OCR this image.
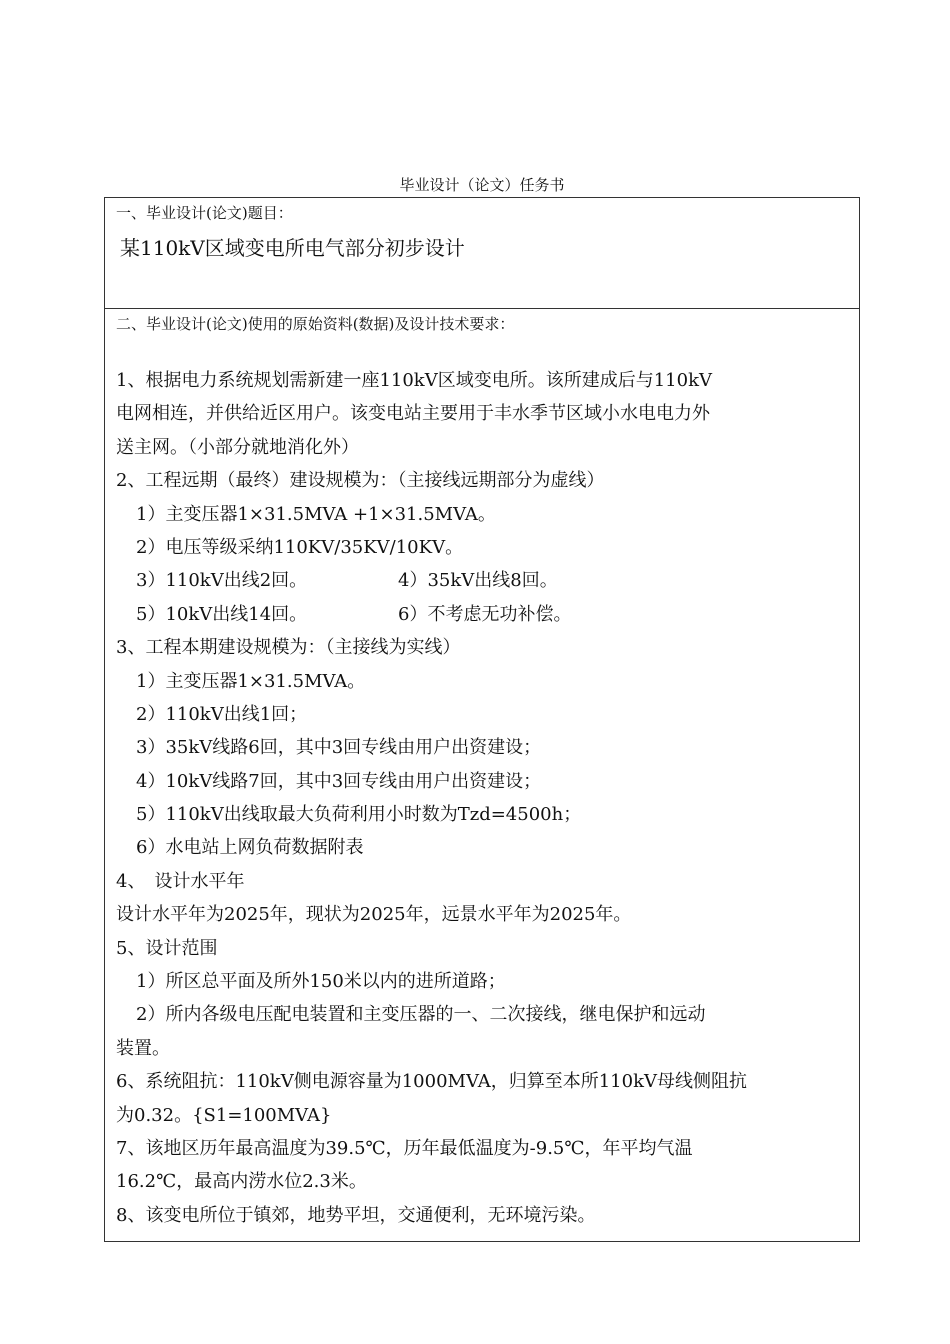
毕业设计（论文）任务书
一、毕业设计(论文)题目：
某110kV区域变电所电气部分初步设计
二、毕业设计(论文)使用的原始资料(数据)及设计技术要求：
1、根据电力系统规划需新建一座110kV区域变电所。该所建成后与110kV
电网相连，并供给近区用户。该变电站主要用于丰水季节区域小水电电力外
送主网。（小部分就地消化外）
2、工程远期（最终）建设规模为：（主接线远期部分为虚线）
1）主变压器1×31.5MVA +1×31.5MVA。
2）电压等级采纳110KV/35KV/10KV。
3）110kV出线2回。	4）35kV出线8回。
5）10kV出线14回。	6）不考虑无功补偿。
3、工程本期建设规模为：（主接线为实线）
1）主变压器1×31.5MVA。
2）110kV出线1回；
3）35kV线路6回，其中3回专线由用户出资建设；
4）10kV线路7回，其中3回专线由用户出资建设；
5）110kV出线取最大负荷利用小时数为Tzd=4500h；
6）水电站上网负荷数据附表
4、　设计水平年
设计水平年为2025年，现状为2025年，远景水平年为2025年。
5、设计范围
1）所区总平面及所外150米以内的进所道路；
2）所内各级电压配电装置和主变压器的一、二次接线，继电保护和远动
装置。
6、系统阻抗：110kV侧电源容量为1000MVA，归算至本所110kV母线侧阻抗
为0.32。{S1=100MVA}
7、该地区历年最高温度为39.5℃，历年最低温度为-9.5℃，年平均气温
16.2℃，最高内涝水位2.3米。
8、该变电所位于镇郊，地势平坦，交通便利，无环境污染。
